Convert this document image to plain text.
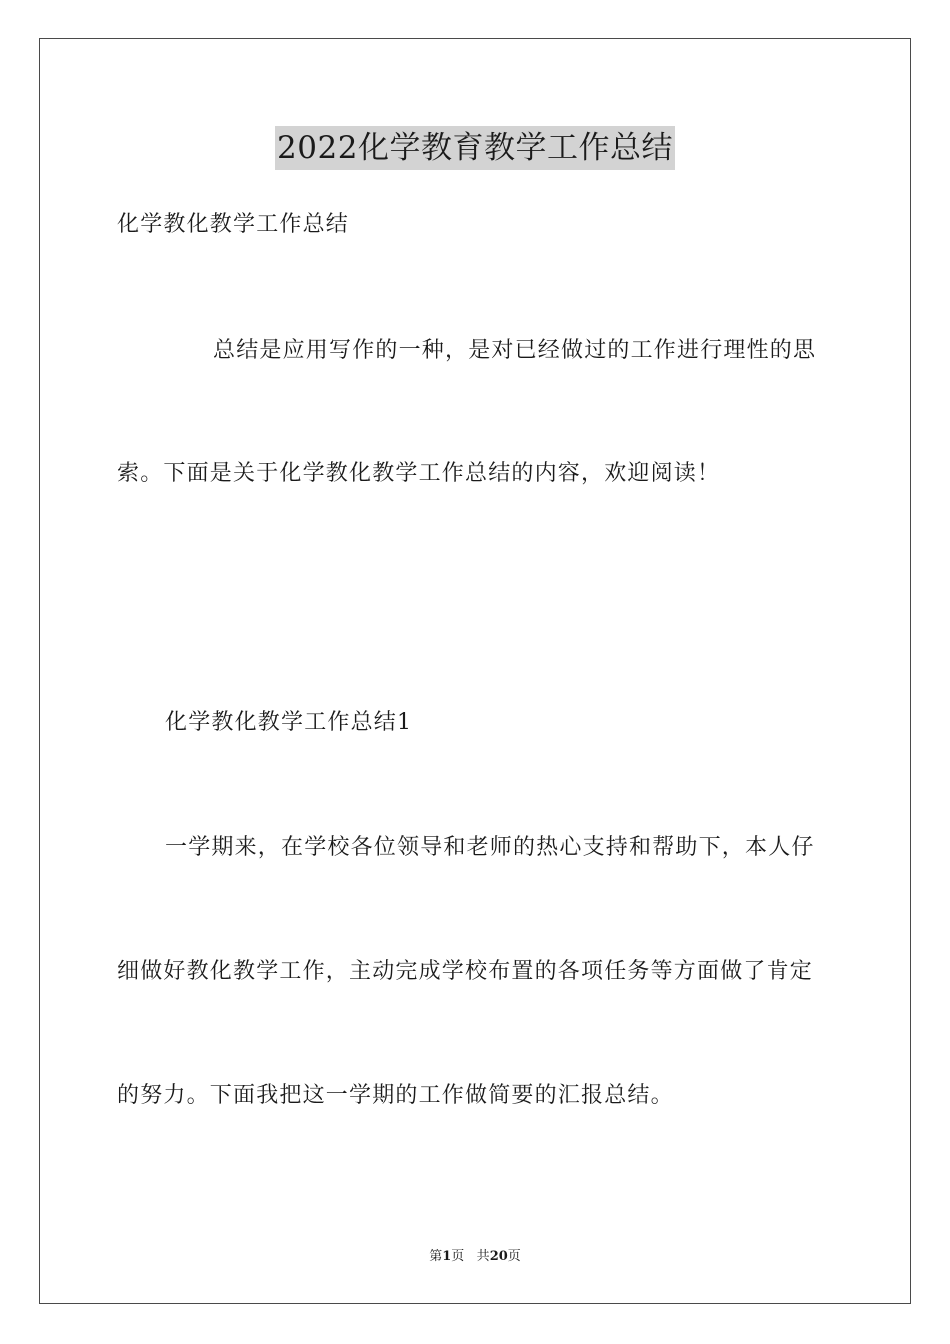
2022化学教育教学工作总结
化学教化教学工作总结
总结是应用写作的一种，是对已经做过的工作进行理性的思
索。下面是关于化学教化教学工作总结的内容，欢迎阅读！
化学教化教学工作总结1
一学期来，在学校各位领导和老师的热心支持和帮助下，本人仔
细做好教化教学工作，主动完成学校布置的各项任务等方面做了肯定
的努力。下面我把这一学期的工作做简要的汇报总结。
第1页 共20页
